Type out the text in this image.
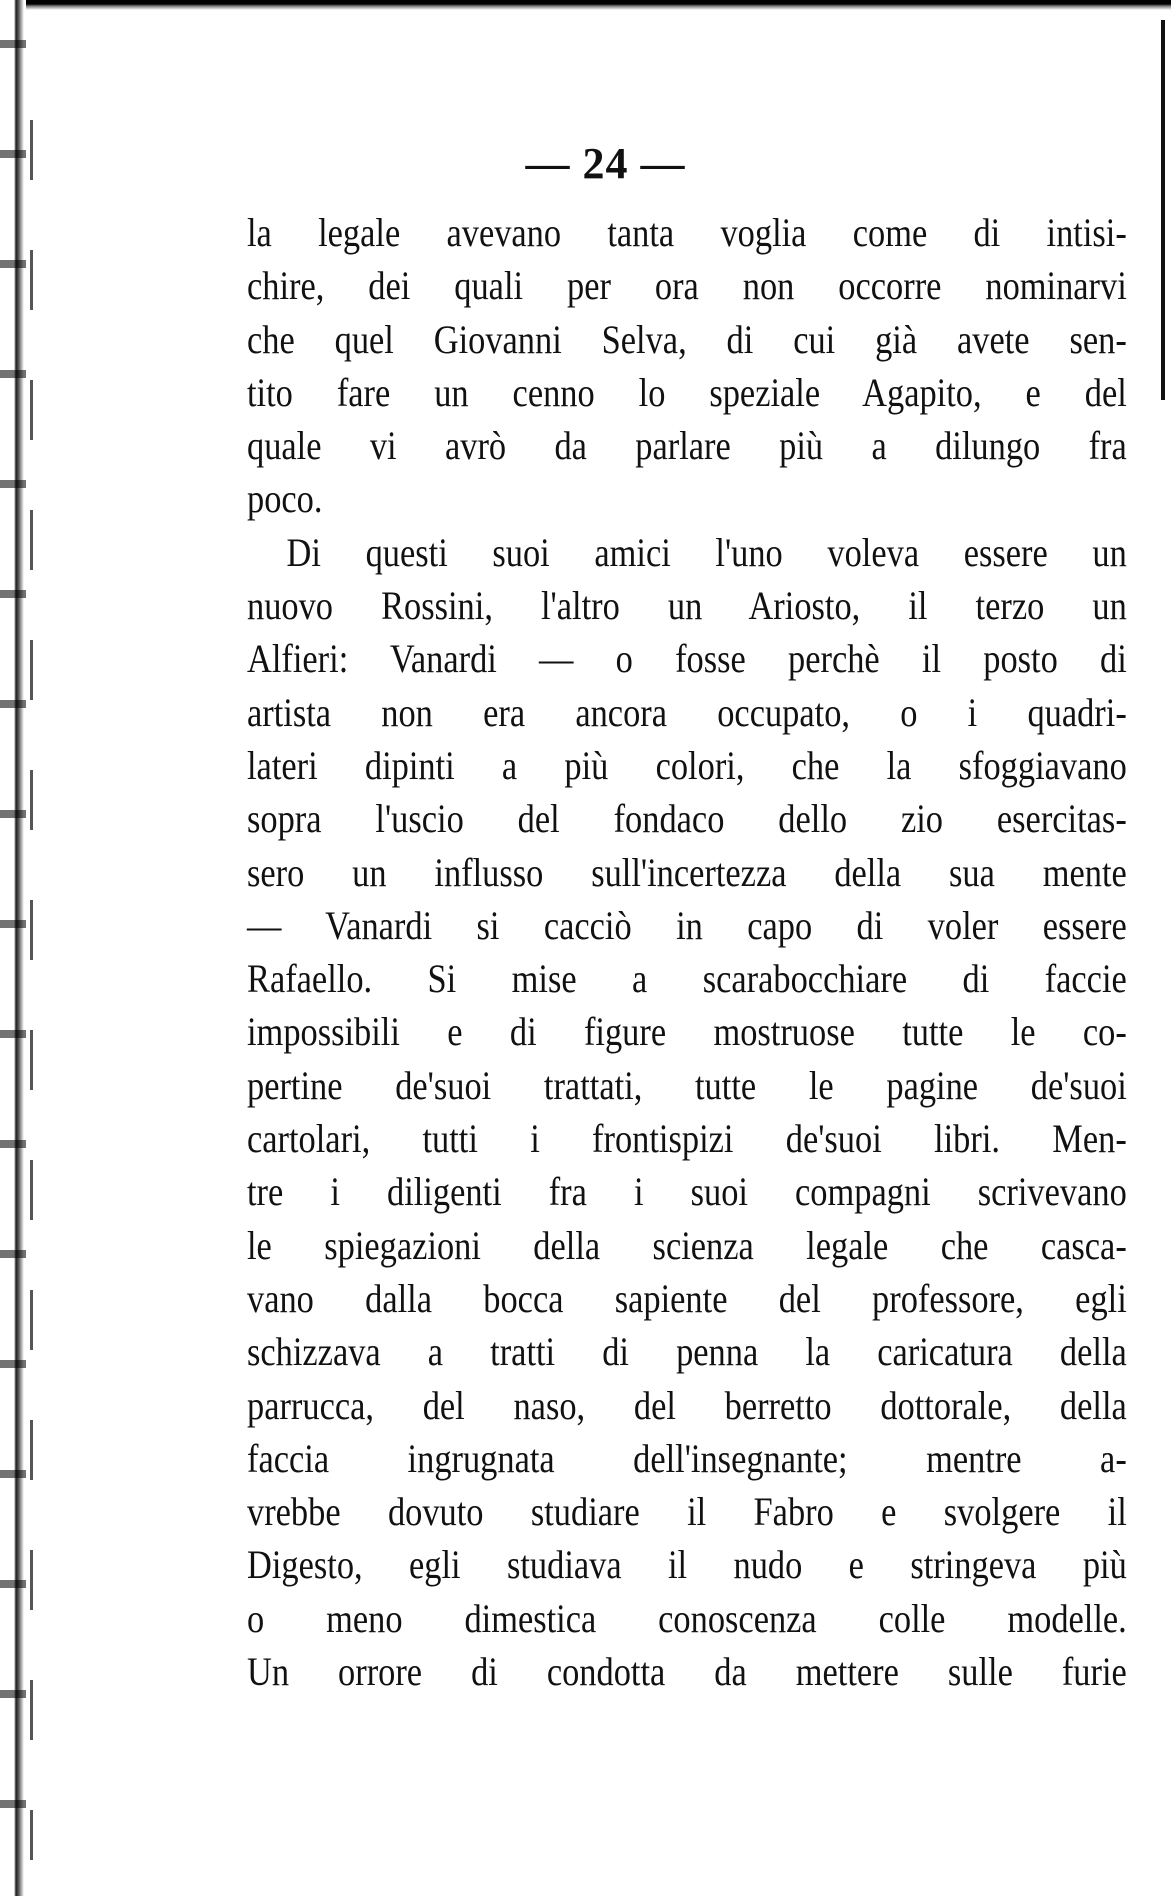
— 24 —
la legale avevano tanta voglia come di intisi-
chire, dei quali per ora non occorre nominarvi
che quel Giovanni Selva, di cui già avete sen-
tito fare un cenno lo speziale Agapito, e del
quale vi avrò da parlare più a dilungo fra
poco.
Di questi suoi amici l'uno voleva essere un
nuovo Rossini, l'altro un Ariosto, il terzo un
Alfieri: Vanardi — o fosse perchè il posto di
artista non era ancora occupato, o i quadri-
lateri dipinti a più colori, che la sfoggiavano
sopra l'uscio del fondaco dello zio esercitas-
sero un influsso sull'incertezza della sua mente
— Vanardi si cacciò in capo di voler essere
Rafaello. Si mise a scarabocchiare di faccie
impossibili e di figure mostruose tutte le co-
pertine de'suoi trattati, tutte le pagine de'suoi
cartolari, tutti i frontispizi de'suoi libri. Men-
tre i diligenti fra i suoi compagni scrivevano
le spiegazioni della scienza legale che casca-
vano dalla bocca sapiente del professore, egli
schizzava a tratti di penna la caricatura della
parrucca, del naso, del berretto dottorale, della
faccia ingrugnata dell'insegnante; mentre a-
vrebbe dovuto studiare il Fabro e svolgere il
Digesto, egli studiava il nudo e stringeva più
o meno dimestica conoscenza colle modelle.
Un orrore di condotta da mettere sulle furie
